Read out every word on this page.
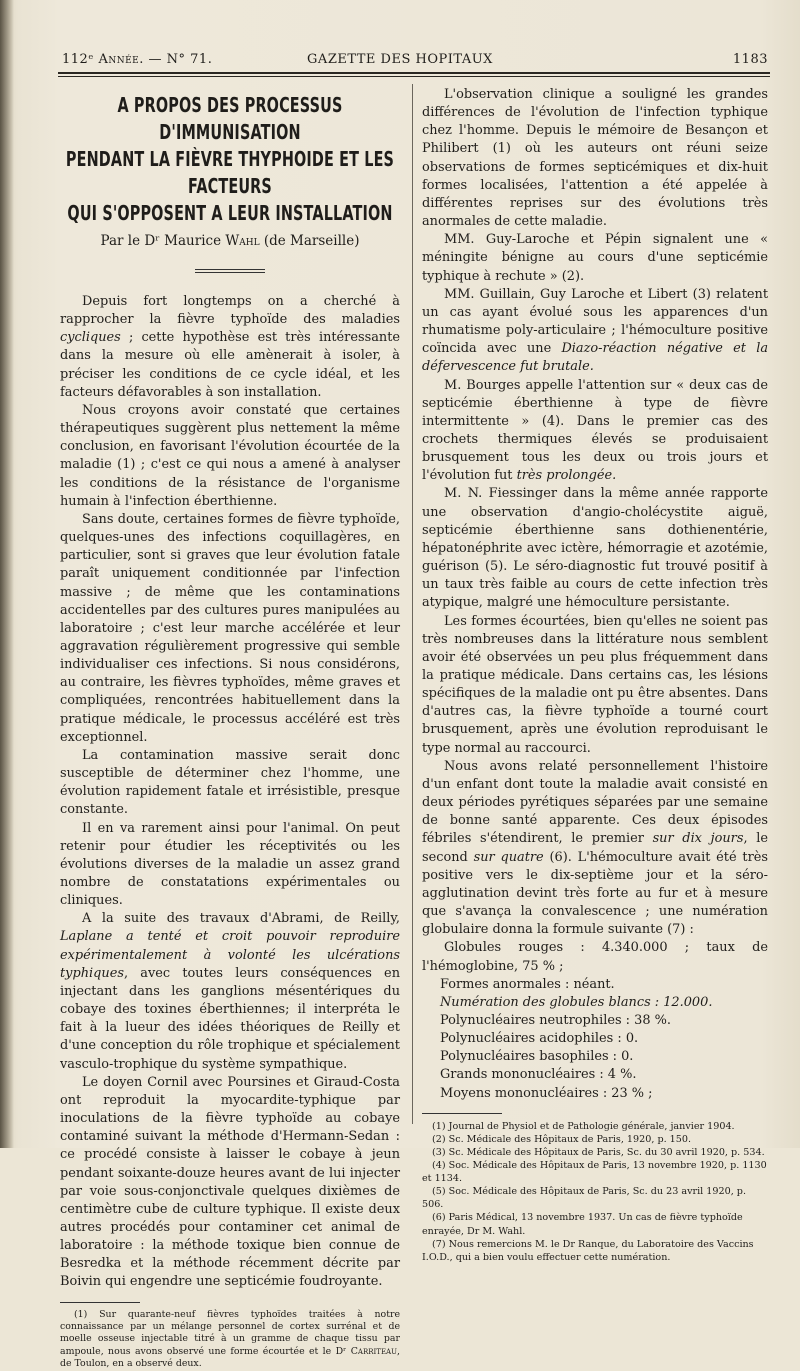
112ᵉ Année. — N° 71.	GAZETTE DES HOPITAUX	1183
A PROPOS DES PROCESSUS D'IMMUNISATION
PENDANT LA FIÈVRE THYPHOIDE ET LES FACTEURS
QUI S'OPPOSENT A LEUR INSTALLATION
Par le Dʳ Maurice Wahl (de Marseille)

Depuis fort longtemps on a cherché à rapprocher la fièvre typhoïde des maladies cycliques ; cette hypothèse est très intéressante dans la mesure où elle amènerait à isoler, à préciser les conditions de ce cycle idéal, et les facteurs défavorables à son installation.

Nous croyons avoir constaté que certaines thérapeutiques suggèrent plus nettement la même conclusion, en favorisant l'évolution écourtée de la maladie (1) ; c'est ce qui nous a amené à analyser les conditions de la résistance de l'organisme humain à l'infection éberthienne.

Sans doute, certaines formes de fièvre typhoïde, quelques-unes des infections coquillagères, en particulier, sont si graves que leur évolution fatale paraît uniquement conditionnée par l'infection massive ; de même que les contaminations accidentelles par des cultures pures manipulées au laboratoire ; c'est leur marche accélérée et leur aggravation régulièrement progressive qui semble individualiser ces infections. Si nous considérons, au contraire, les fièvres typhoïdes, même graves et compliquées, rencontrées habituellement dans la pratique médicale, le processus accéléré est très exceptionnel.

La contamination massive serait donc susceptible de déterminer chez l'homme, une évolution rapidement fatale et irrésistible, presque constante.

Il en va rarement ainsi pour l'animal. On peut retenir pour étudier les réceptivités ou les évolutions diverses de la maladie un assez grand nombre de constatations expérimentales ou cliniques.

A la suite des travaux d'Abrami, de Reilly, Laplane a tenté et croit pouvoir reproduire expérimentalement à volonté les ulcérations typhiques, avec toutes leurs conséquences en injectant dans les ganglions mésentériques du cobaye des toxines éberthiennes; il interpréta le fait à la lueur des idées théoriques de Reilly et d'une conception du rôle trophique et spécialement vasculo-trophique du système sympathique.

Le doyen Cornil avec Poursines et Giraud-Costa ont reproduit la myocardite-typhique par inoculations de la fièvre typhoïde au cobaye contaminé suivant la méthode d'Hermann-Sedan : ce procédé consiste à laisser le cobaye à jeun pendant soixante-douze heures avant de lui injecter par voie sous-conjonctivale quelques dixièmes de centimètre cube de culture typhique. Il existe deux autres procédés pour contaminer cet animal de laboratoire : la méthode toxique bien connue de Besredka et la méthode récemment décrite par Boivin qui engendre une septicémie foudroyante.

(1) Sur quarante-neuf fièvres typhoïdes traitées à notre connaissance par un mélange personnel de cortex surrénal et de moelle osseuse injectable titré à un gramme de chaque tissu par ampoule, nous avons observé une forme écourtée et le Dʳ Carriteau, de Toulon, en a observé deux.

L'observation clinique a souligné les grandes différences de l'évolution de l'infection typhique chez l'homme. Depuis le mémoire de Besançon et Philibert (1) où les auteurs ont réuni seize observations de formes septicémiques et dix-huit formes localisées, l'attention a été appelée à différentes reprises sur des évolutions très anormales de cette maladie.

MM. Guy-Laroche et Pépin signalent une « méningite bénigne au cours d'une septicémie typhique à rechute » (2).

MM. Guillain, Guy Laroche et Libert (3) relatent un cas ayant évolué sous les apparences d'un rhumatisme poly-articulaire ; l'hémoculture positive coïncida avec une Diazo-réaction négative et la défervescence fut brutale.

M. Bourges appelle l'attention sur « deux cas de septicémie éberthienne à type de fièvre intermittente » (4). Dans le premier cas des crochets thermiques élevés se produisaient brusquement tous les deux ou trois jours et l'évolution fut très prolongée.

M. N. Fiessinger dans la même année rapporte une observation d'angio-cholécystite aiguë, septicémie éberthienne sans dothienentérie, hépatonéphrite avec ictère, hémorragie et azotémie, guérison (5). Le séro-diagnostic fut trouvé positif à un taux très faible au cours de cette infection très atypique, malgré une hémoculture persistante.

Les formes écourtées, bien qu'elles ne soient pas très nombreuses dans la littérature nous semblent avoir été observées un peu plus fréquemment dans la pratique médicale. Dans certains cas, les lésions spécifiques de la maladie ont pu être absentes. Dans d'autres cas, la fièvre typhoïde a tourné court brusquement, après une évolution reproduisant le type normal au raccourci.

Nous avons relaté personnellement l'histoire d'un enfant dont toute la maladie avait consisté en deux périodes pyrétiques séparées par une semaine de bonne santé apparente. Ces deux épisodes fébriles s'étendirent, le premier sur dix jours, le second sur quatre (6). L'hémoculture avait été très positive vers le dix-septième jour et la séro-agglutination devint très forte au fur et à mesure que s'avança la convalescence ; une numération globulaire donna la formule suivante (7) :

Globules rouges : 4.340.000 ; taux de l'hémoglobine, 75 % ;

Formes anormales : néant.
Numération des globules blancs : 12.000.
Polynucléaires neutrophiles : 38 %.
Polynucléaires acidophiles : 0.
Polynucléaires basophiles : 0.
Grands mononucléaires : 4 %.
Moyens mononucléaires : 23 % ;

(1) Journal de Physiol et de Pathologie générale, janvier 1904.

(2) Sc. Médicale des Hôpitaux de Paris, 1920, p. 150.

(3) Sc. Médicale des Hôpitaux de Paris, Sc. du 30 avril 1920, p. 534.

(4) Soc. Médicale des Hôpitaux de Paris, 13 novembre 1920, p. 1130 et 1134.

(5) Soc. Médicale des Hôpitaux de Paris, Sc. du 23 avril 1920, p. 506.

(6) Paris Médical, 13 novembre 1937. Un cas de fièvre typhoïde enrayée, Dr M. Wahl.

(7) Nous remercions M. le Dr Ranque, du Laboratoire des Vaccins I.O.D., qui a bien voulu effectuer cette numération.
